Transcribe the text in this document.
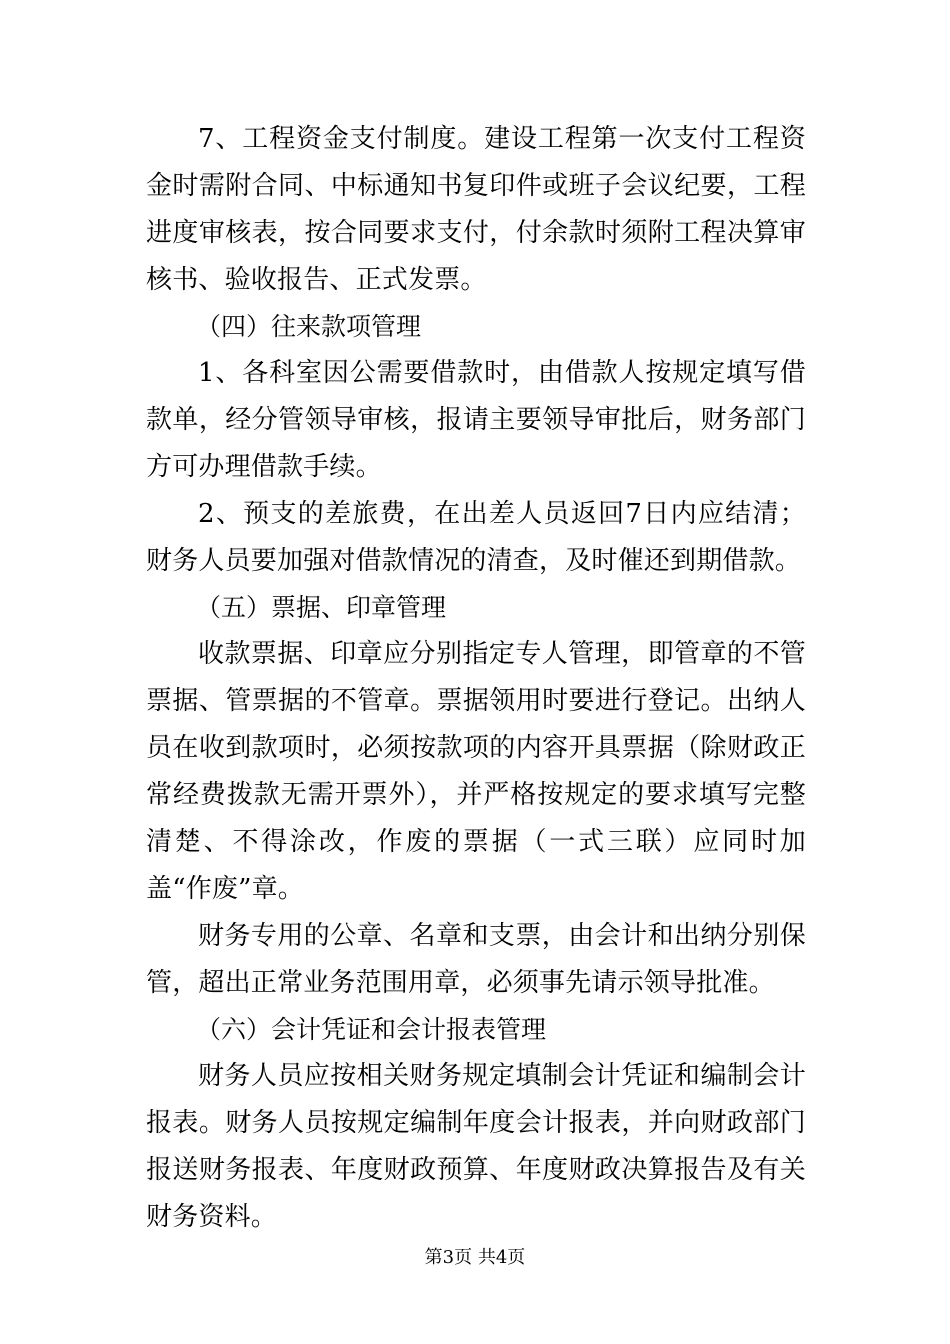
7、工程资金支付制度。建设工程第一次支付工程资金时需附合同、中标通知书复印件或班子会议纪要，工程进度审核表，按合同要求支付，付余款时须附工程决算审核书、验收报告、正式发票。

（四）往来款项管理

1、各科室因公需要借款时，由借款人按规定填写借款单，经分管领导审核，报请主要领导审批后，财务部门方可办理借款手续。

2、预支的差旅费，在出差人员返回7日内应结清；财务人员要加强对借款情况的清查，及时催还到期借款。

（五）票据、印章管理

收款票据、印章应分别指定专人管理，即管章的不管票据、管票据的不管章。票据领用时要进行登记。出纳人员在收到款项时，必须按款项的内容开具票据（除财政正常经费拨款无需开票外），并严格按规定的要求填写完整清楚、不得涂改，作废的票据（一式三联）应同时加盖“作废”章。

财务专用的公章、名章和支票，由会计和出纳分别保管，超出正常业务范围用章，必须事先请示领导批准。

（六）会计凭证和会计报表管理

财务人员应按相关财务规定填制会计凭证和编制会计报表。财务人员按规定编制年度会计报表，并向财政部门报送财务报表、年度财政预算、年度财政决算报告及有关财务资料。

第3页 共4页
